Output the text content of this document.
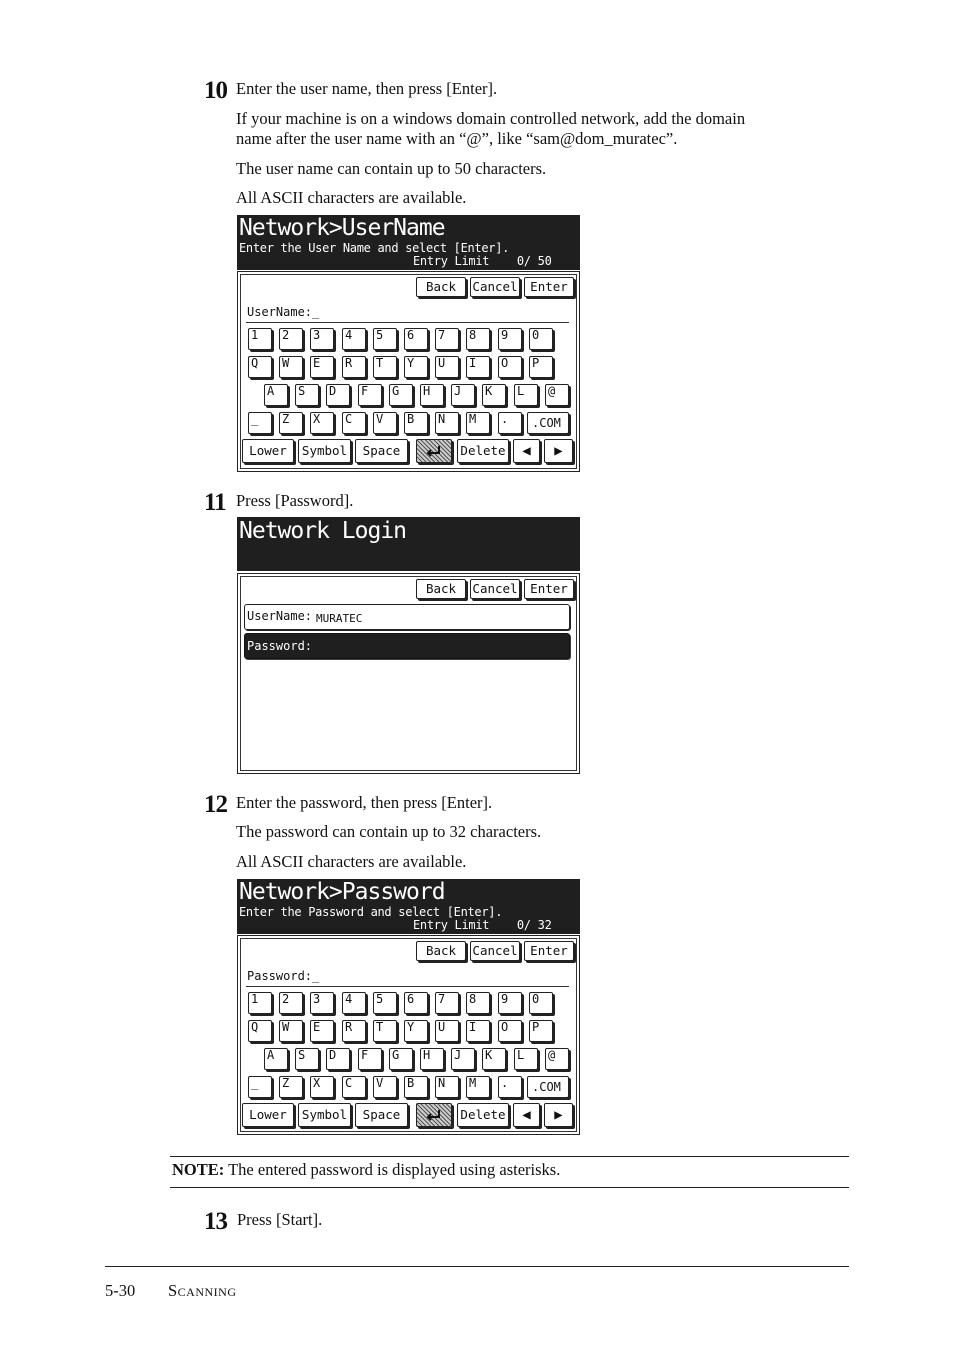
10 Enter the user name, then press [Enter].
If your machine is on a windows domain controlled network, add the domain
name after the user name with an “@”, like “sam@dom_muratec”.
The user name can contain up to 50 characters.
All ASCII characters are available.
Network>UserName
Enter the User Name and select [Enter].
Entry Limit    0/ 50
Back	Cancel	Enter
UserName:_
1	2	3	4	5	6	7	8	9	0
Q	W	E	R	T	Y	U	I	O	P
A	S	D	F	G	H	J	K	L	@
_	Z	X	C	V	B	N	M	.	.COM
Lower	Symbol	Space	Delete	◀	▶
11 Press [Password].
Network Login
Back	Cancel	Enter
UserName: MURATEC
Password:
12 Enter the password, then press [Enter].
The password can contain up to 32 characters.
All ASCII characters are available.
Network>Password
Enter the Password and select [Enter].
Entry Limit    0/ 32
Back	Cancel	Enter
Password:_
1	2	3	4	5	6	7	8	9	0
Q	W	E	R	T	Y	U	I	O	P
A	S	D	F	G	H	J	K	L	@
_	Z	X	C	V	B	N	M	.	.COM
Lower	Symbol	Space	Delete	◀	▶
NOTE: The entered password is displayed using asterisks.
13 Press [Start].
5-30 Scanning
